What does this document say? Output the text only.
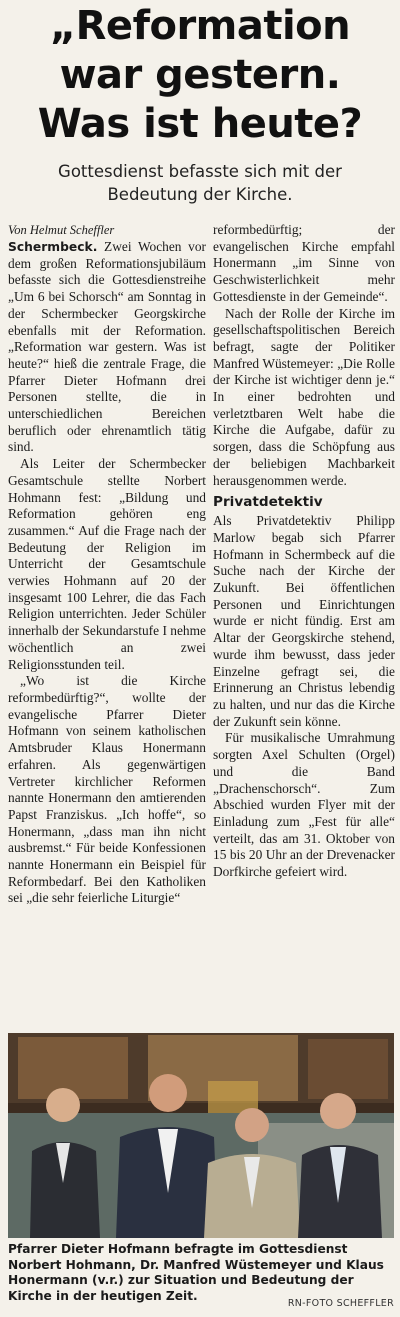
„Reformation
war gestern.
Was ist heute?
Gottesdienst befasste sich mit der
Bedeutung der Kirche.
Von Helmut Scheffler

Schermbeck. Zwei Wochen vor dem großen Reformationsjubiläum befasste sich die Gottesdienstreihe „Um 6 bei Schorsch“ am Sonntag in der Schermbecker Georgskirche ebenfalls mit der Reformation. „Reformation war gestern. Was ist heute?“ hieß die zentrale Frage, die Pfarrer Dieter Hofmann drei Personen stellte, die in unterschiedlichen Bereichen beruflich oder ehrenamtlich tätig sind.

Als Leiter der Schermbecker Gesamtschule stellte Norbert Hohmann fest: „Bildung und Reformation gehören eng zusammen.“ Auf die Frage nach der Bedeutung der Religion im Unterricht der Gesamtschule verwies Hohmann auf 20 der insgesamt 100 Lehrer, die das Fach Religion unterrichten. Jeder Schüler innerhalb der Sekundarstufe I nehme wöchentlich an zwei Religionsstunden teil.

„Wo ist die Kirche reformbedürftig?“, wollte der evangelische Pfarrer Dieter Hofmann von seinem katholischen Amtsbruder Klaus Honermann erfahren. Als gegenwärtigen Vertreter kirchlicher Reformen nannte Honermann den amtierenden Papst Franziskus. „Ich hoffe“, so Honermann, „dass man ihn nicht ausbremst.“ Für beide Konfessionen nannte Honermann ein Beispiel für Reformbedarf. Bei den Katholiken sei „die sehr feierliche Liturgie“

reformbedürftig; der evangelischen Kirche empfahl Honermann „im Sinne von Geschwisterlichkeit mehr Gottesdienste in der Gemeinde“.

Nach der Rolle der Kirche im gesellschaftspolitischen Bereich befragt, sagte der Politiker Manfred Wüstemeyer: „Die Rolle der Kirche ist wichtiger denn je.“ In einer bedrohten und verletztbaren Welt habe die Kirche die Aufgabe, dafür zu sorgen, dass die Schöpfung aus der beliebigen Machbarkeit herausgenommen werde.

Privatdetektiv

Als Privatdetektiv Philipp Marlow begab sich Pfarrer Hofmann in Schermbeck auf die Suche nach der Kirche der Zukunft. Bei öffentlichen Personen und Einrichtungen wurde er nicht fündig. Erst am Altar der Georgskirche stehend, wurde ihm bewusst, dass jeder Einzelne gefragt sei, die Erinnerung an Christus lebendig zu halten, und nur das die Kirche der Zukunft sein könne.

Für musikalische Umrahmung sorgten Axel Schulten (Orgel) und die Band „Drachenschorsch“. Zum Abschied wurden Flyer mit der Einladung zum „Fest für alle“ verteilt, das am 31. Oktober von 15 bis 20 Uhr an der Drevenacker Dorfkirche gefeiert wird.

Pfarrer Dieter Hofmann befragte im Gottesdienst Norbert Hohmann, Dr. Manfred Wüstemeyer und Klaus Honermann (v.r.) zur Situation und Bedeutung der Kirche in der heutigen Zeit.
RN-FOTO SCHEFFLER
